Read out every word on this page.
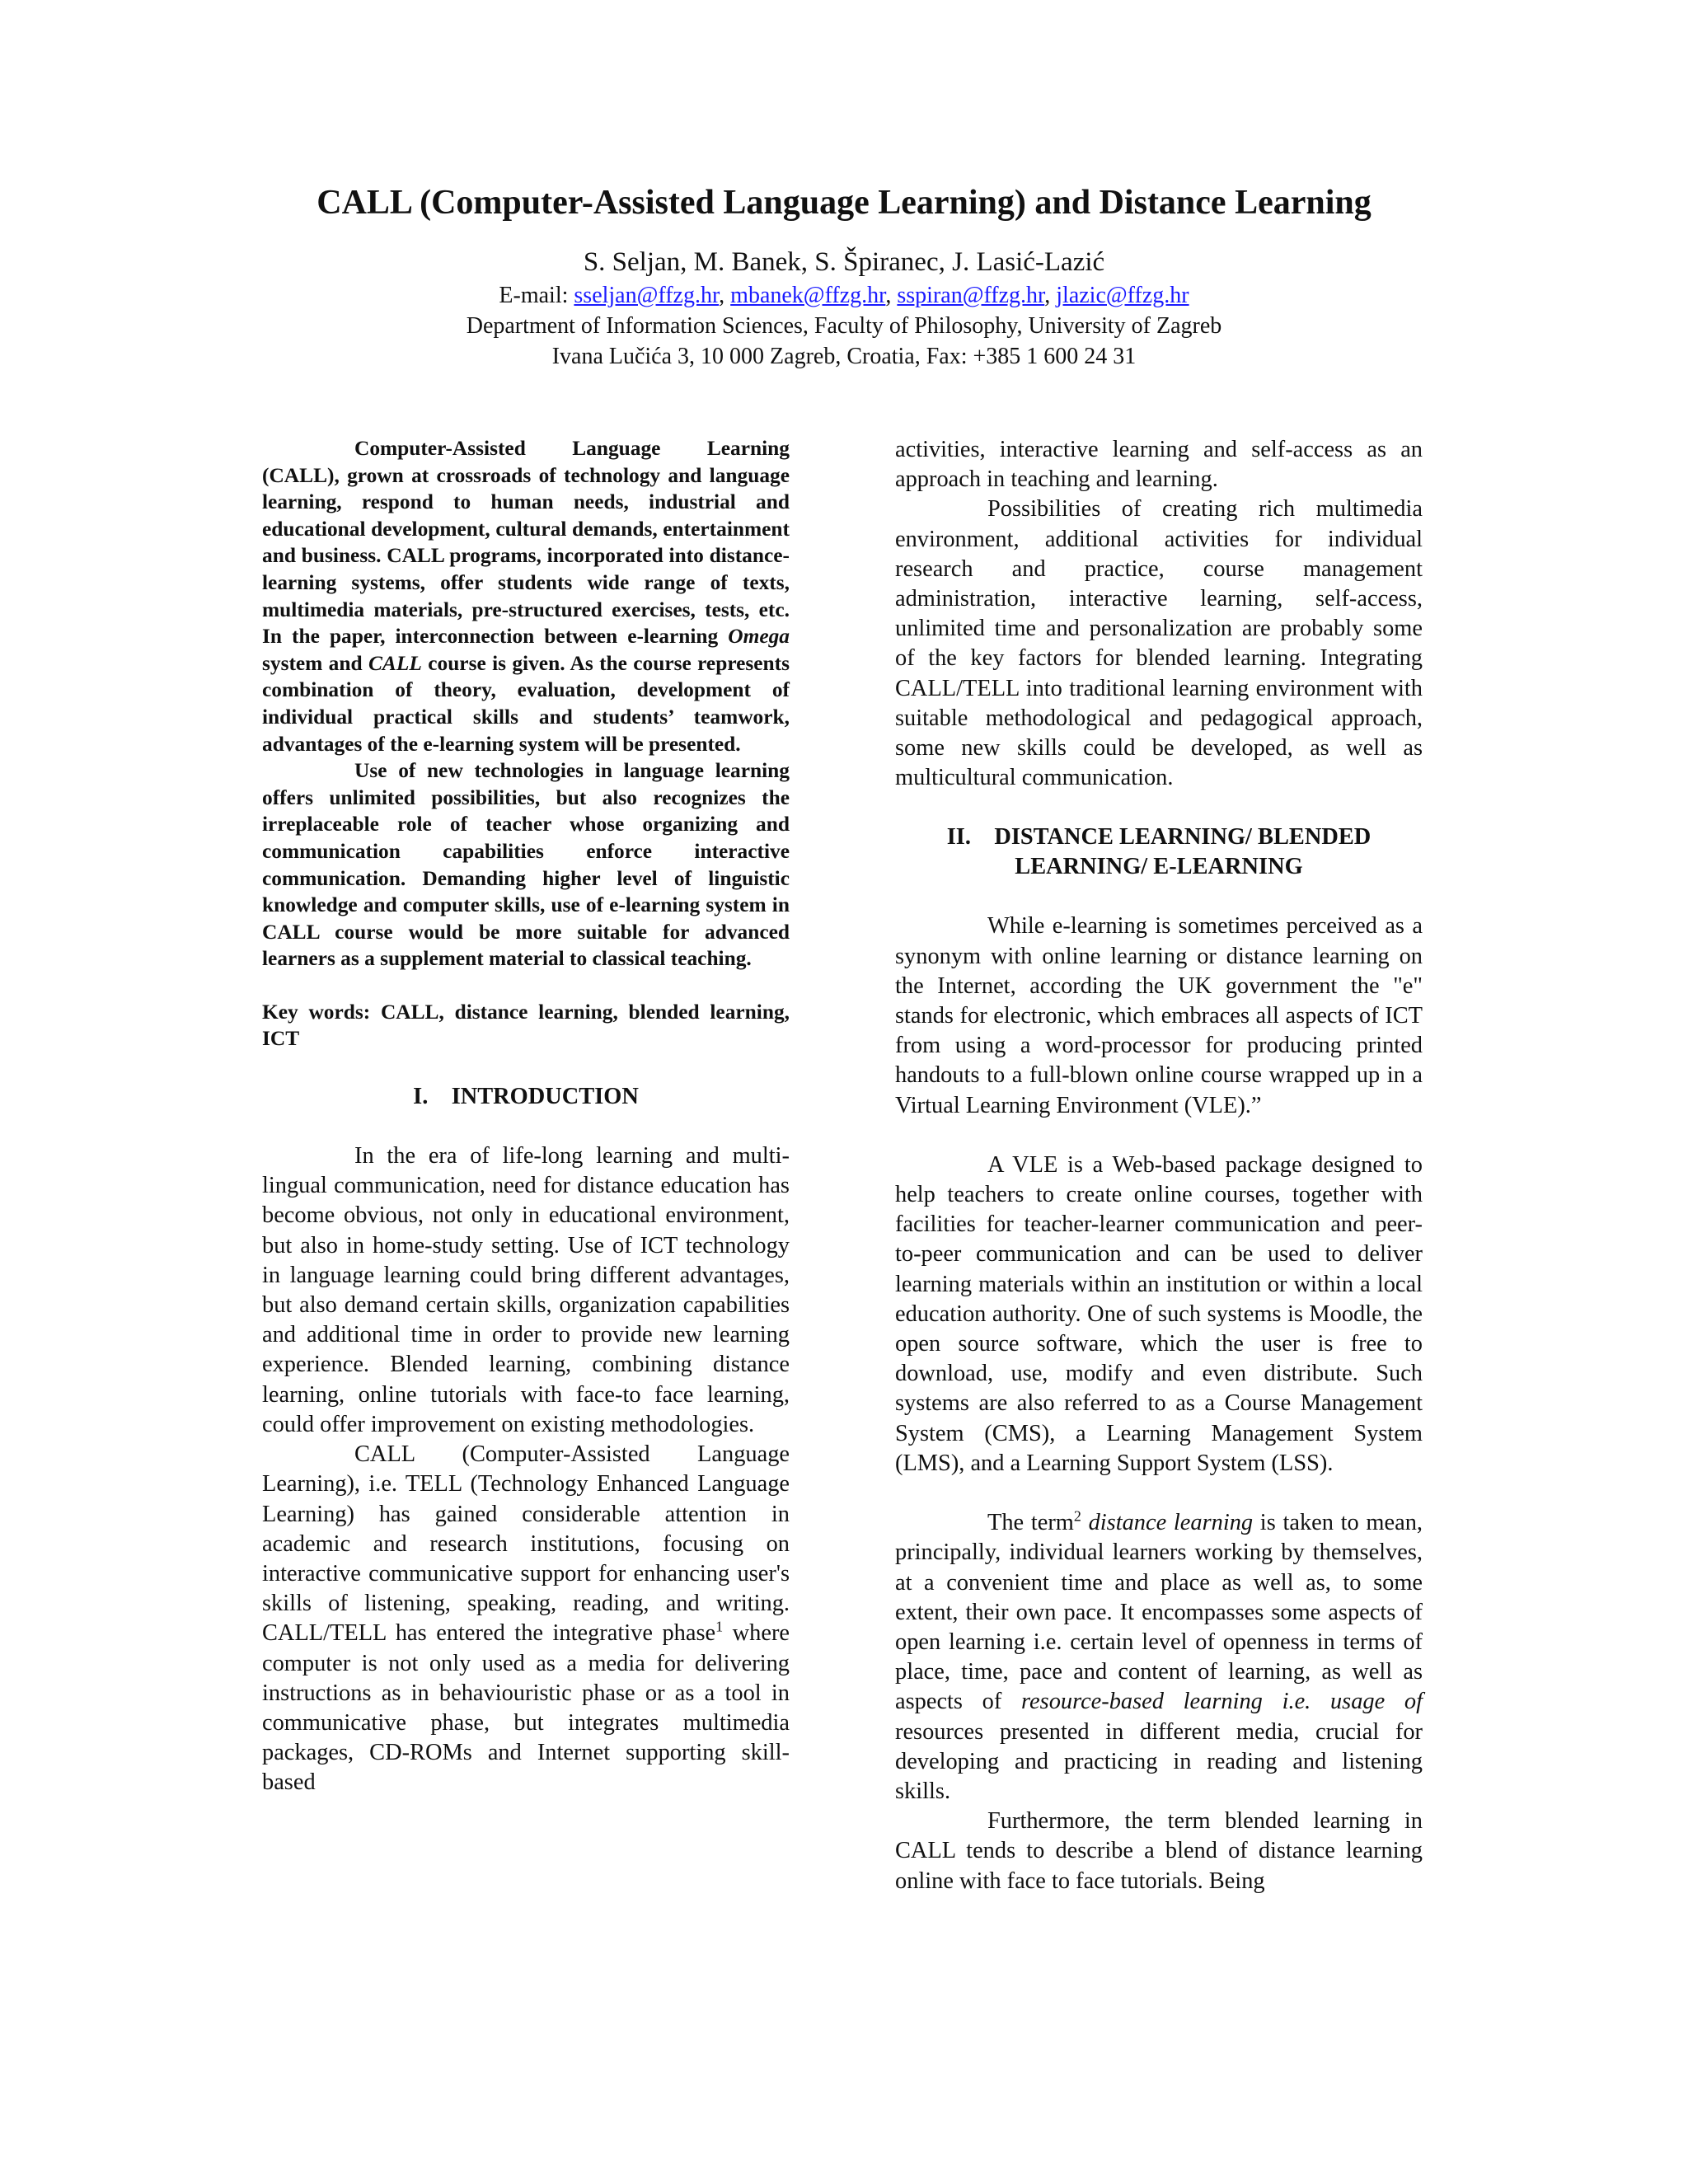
CALL (Computer-Assisted Language Learning) and Distance Learning

S. Seljan, M. Banek, S. Špiranec, J. Lasić-Lazić

E-mail: sseljan@ffzg.hr, mbanek@ffzg.hr, sspiran@ffzg.hr, jlazic@ffzg.hr

Department of Information Sciences, Faculty of Philosophy, University of Zagreb

Ivana Lučića 3, 10 000 Zagreb, Croatia, Fax: +385 1 600 24 31

Computer-Assisted Language Learning (CALL), grown at crossroads of technology and language learning, respond to human needs, industrial and educational development, cultural demands, entertainment and business. CALL programs, incorporated into distance-learning systems, offer students wide range of texts, multimedia materials, pre-structured exercises, tests, etc. In the paper, interconnection between e-learning Omega system and CALL course is given. As the course represents combination of theory, evaluation, development of individual practical skills and students’ teamwork, advantages of the e-learning system will be presented.

Use of new technologies in language learning offers unlimited possibilities, but also recognizes the irreplaceable role of teacher whose organizing and communication capabilities enforce interactive communication. Demanding higher level of linguistic knowledge and computer skills, use of e-learning system in CALL course would be more suitable for advanced learners as a supplement material to classical teaching.

Key words: CALL, distance learning, blended learning, ICT

I. INTRODUCTION

In the era of life-long learning and multi-lingual communication, need for distance education has become obvious, not only in educational environment, but also in home-study setting. Use of ICT technology in language learning could bring different advantages, but also demand certain skills, organization capabilities and additional time in order to provide new learning experience. Blended learning, combining distance learning, online tutorials with face-to face learning, could offer improvement on existing methodologies.

CALL (Computer-Assisted Language Learning), i.e. TELL (Technology Enhanced Language Learning) has gained considerable attention in academic and research institutions, focusing on interactive communicative support for enhancing user's skills of listening, speaking, reading, and writing. CALL/TELL has entered the integrative phase$^1$ where computer is not only used as a media for delivering instructions as in behaviouristic phase or as a tool in communicative phase, but integrates multimedia packages, CD-ROMs and Internet supporting skill-based

activities, interactive learning and self-access as an approach in teaching and learning.

Possibilities of creating rich multimedia environment, additional activities for individual research and practice, course management administration, interactive learning, self-access, unlimited time and personalization are probably some of the key factors for blended learning. Integrating CALL/TELL into traditional learning environment with suitable methodological and pedagogical approach, some new skills could be developed, as well as multicultural communication.

II. DISTANCE LEARNING/ BLENDED
LEARNING/ E-LEARNING

While e-learning is sometimes perceived as a synonym with online learning or distance learning on the Internet, according the UK government the "e" stands for electronic, which embraces all aspects of ICT from using a word-processor for producing printed handouts to a full-blown online course wrapped up in a Virtual Learning Environment (VLE).”

A VLE is a Web-based package designed to help teachers to create online courses, together with facilities for teacher-learner communication and peer-to-peer communication and can be used to deliver learning materials within an institution or within a local education authority. One of such systems is Moodle, the open source software, which the user is free to download, use, modify and even distribute. Such systems are also referred to as a Course Management System (CMS), a Learning Management System (LMS), and a Learning Support System (LSS).

The term$^2$ distance learning is taken to mean, principally, individual learners working by themselves, at a convenient time and place as well as, to some extent, their own pace. It encompasses some aspects of open learning i.e. certain level of openness in terms of place, time, pace and content of learning, as well as aspects of resource-based learning i.e. usage of resources presented in different media, crucial for developing and practicing in reading and listening skills.

Furthermore, the term blended learning in CALL tends to describe a blend of distance learning online with face to face tutorials. Being
